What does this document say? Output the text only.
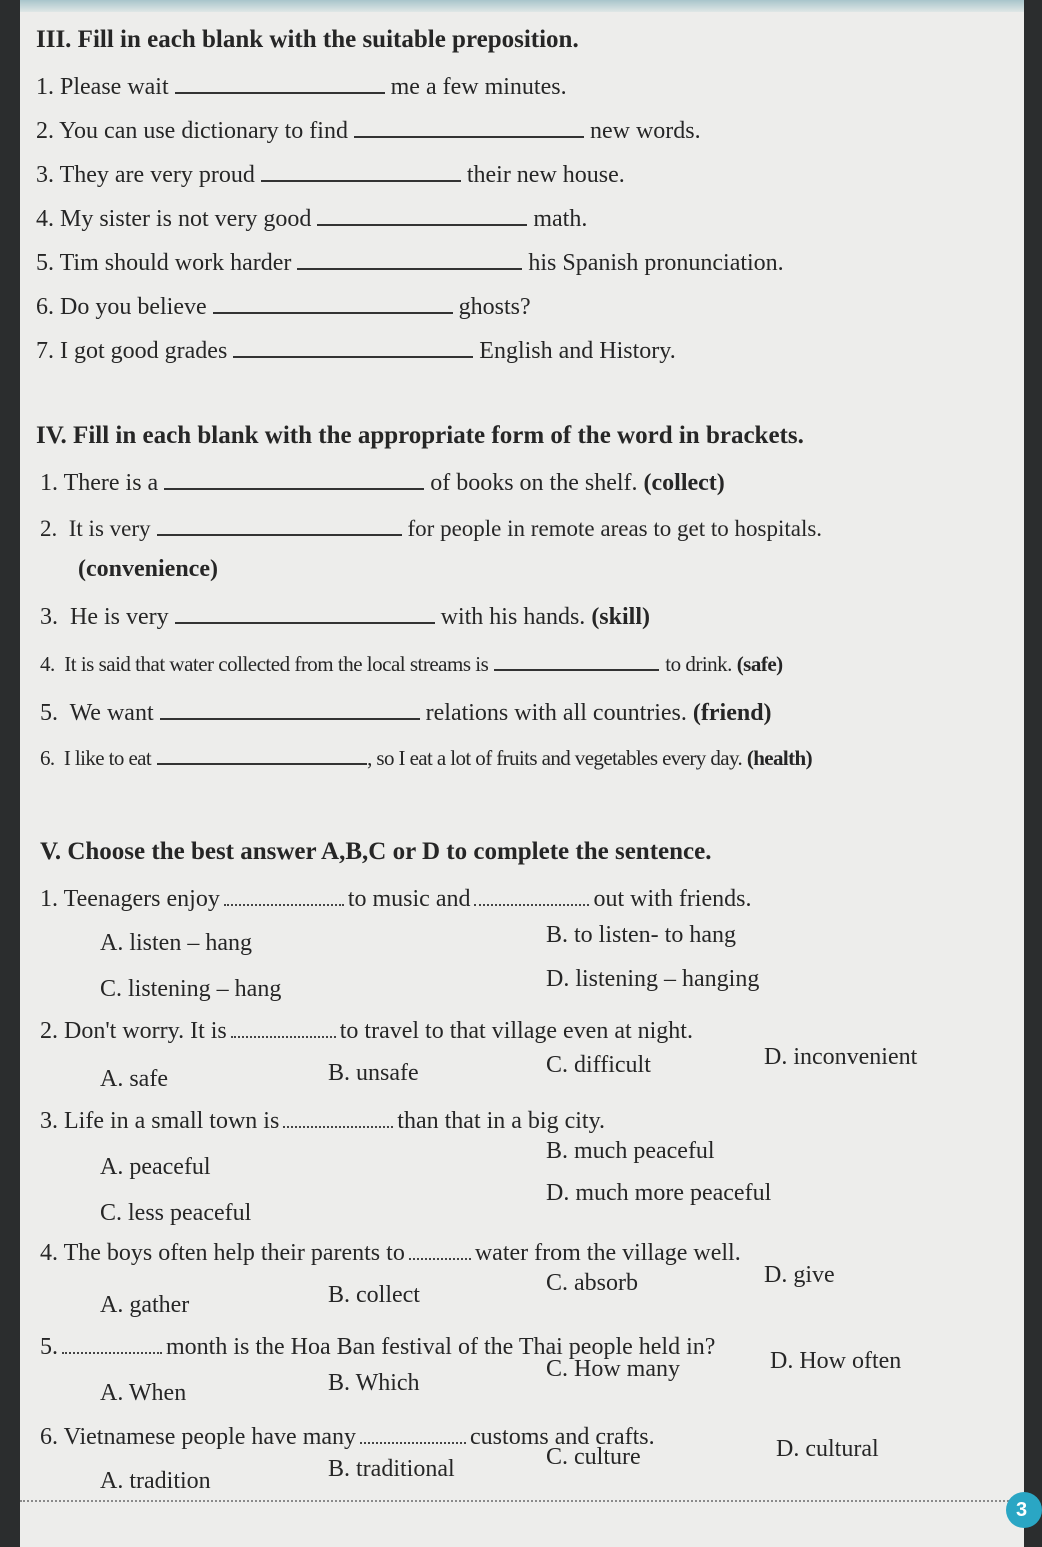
III. Fill in each blank with the suitable preposition.
1. Please wait	me a few minutes.
2. You can use dictionary to find	new words.
3. They are very proud	their new house.
4. My sister is not very good	math.
5. Tim should work harder	his Spanish pronunciation.
6. Do you believe	ghosts?
7. I got good grades	English and History.
IV. Fill in each blank with the appropriate form of the word in brackets.
1. There is a	of books on the shelf. (collect)
2. It is very	for people in remote areas to get to hospitals.
(convenience)
3. He is very	with his hands. (skill)
4. It is said that water collected from the local streams is	to drink. (safe)
5. We want	relations with all countries. (friend)
6. I like to eat	, so I eat a lot of fruits and vegetables every day. (health)
V. Choose the best answer A,B,C or D to complete the sentence.
1. Teenagers enjoy	to music and	out with friends.
A. listen – hang	B. to listen- to hang
C. listening – hang	D. listening – hanging
2. Don't worry. It is	to travel to that village even at night.
A. safe	B. unsafe	C. difficult	D. inconvenient
3. Life in a small town is	than that in a big city.
A. peaceful
B. much peaceful
C. less peaceful
D. much more peaceful
4. The boys often help their parents to	water from the village well.
A. gather	B. collect	C. absorb	D. give
5.	month is the Hoa Ban festival of the Thai people held in?
A. When	B. Which
C. How many	D. How often
6. Vietnamese people have many	customs and crafts.
A. tradition	B. traditional	C. culture	D. cultural
3
